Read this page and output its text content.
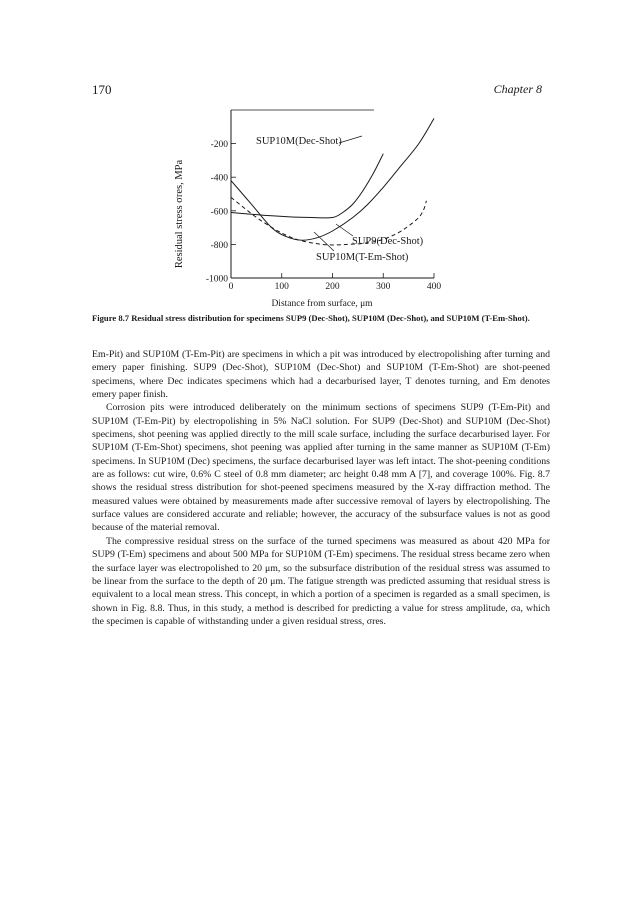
170	Chapter 8
-200
-400
-600
-800
-1000
0	100	200	300	400
SUP10M(Dec-Shot)
SUP9(Dec-Shot)
SUP10M(T-Em-Shot)
Residual stress σres, MPa
Distance from surface, μm
Figure 8.7 Residual stress distribution for specimens SUP9 (Dec-Shot), SUP10M (Dec-Shot), and SUP10M (T-Em-Shot).

Em-Pit) and SUP10M (T-Em-Pit) are specimens in which a pit was introduced by electropolishing after turning and emery paper finishing. SUP9 (Dec-Shot), SUP10M (Dec-Shot) and SUP10M (T-Em-Shot) are shot-peened specimens, where Dec indicates specimens which had a decarburised layer, T denotes turning, and Em denotes emery paper finish.

Corrosion pits were introduced deliberately on the minimum sections of specimens SUP9 (T-Em-Pit) and SUP10M (T-Em-Pit) by electropolishing in 5% NaCl solution. For SUP9 (Dec-Shot) and SUP10M (Dec-Shot) specimens, shot peening was applied directly to the mill scale surface, including the surface decarburised layer. For SUP10M (T-Em-Shot) specimens, shot peening was applied after turning in the same manner as SUP10M (T-Em) specimens. In SUP10M (Dec) specimens, the surface decarburised layer was left intact. The shot-peening conditions are as follows: cut wire, 0.6% C steel of 0.8 mm diameter; arc height 0.48 mm A [7], and coverage 100%. Fig. 8.7 shows the residual stress distribution for shot-peened specimens measured by the X-ray diffraction method. The measured values were obtained by measurements made after successive removal of layers by electropolishing. The surface values are considered accurate and reliable; however, the accuracy of the subsurface values is not as good because of the material removal.

The compressive residual stress on the surface of the turned specimens was measured as about 420 MPa for SUP9 (T-Em) specimens and about 500 MPa for SUP10M (T-Em) specimens. The residual stress became zero when the surface layer was electropolished to 20 μm, so the subsurface distribution of the residual stress was assumed to be linear from the surface to the depth of 20 μm. The fatigue strength was predicted assuming that residual stress is equivalent to a local mean stress. This concept, in which a portion of a specimen is regarded as a small specimen, is shown in Fig. 8.8. Thus, in this study, a method is described for predicting a value for stress amplitude, σa, which the specimen is capable of withstanding under a given residual stress, σres.
